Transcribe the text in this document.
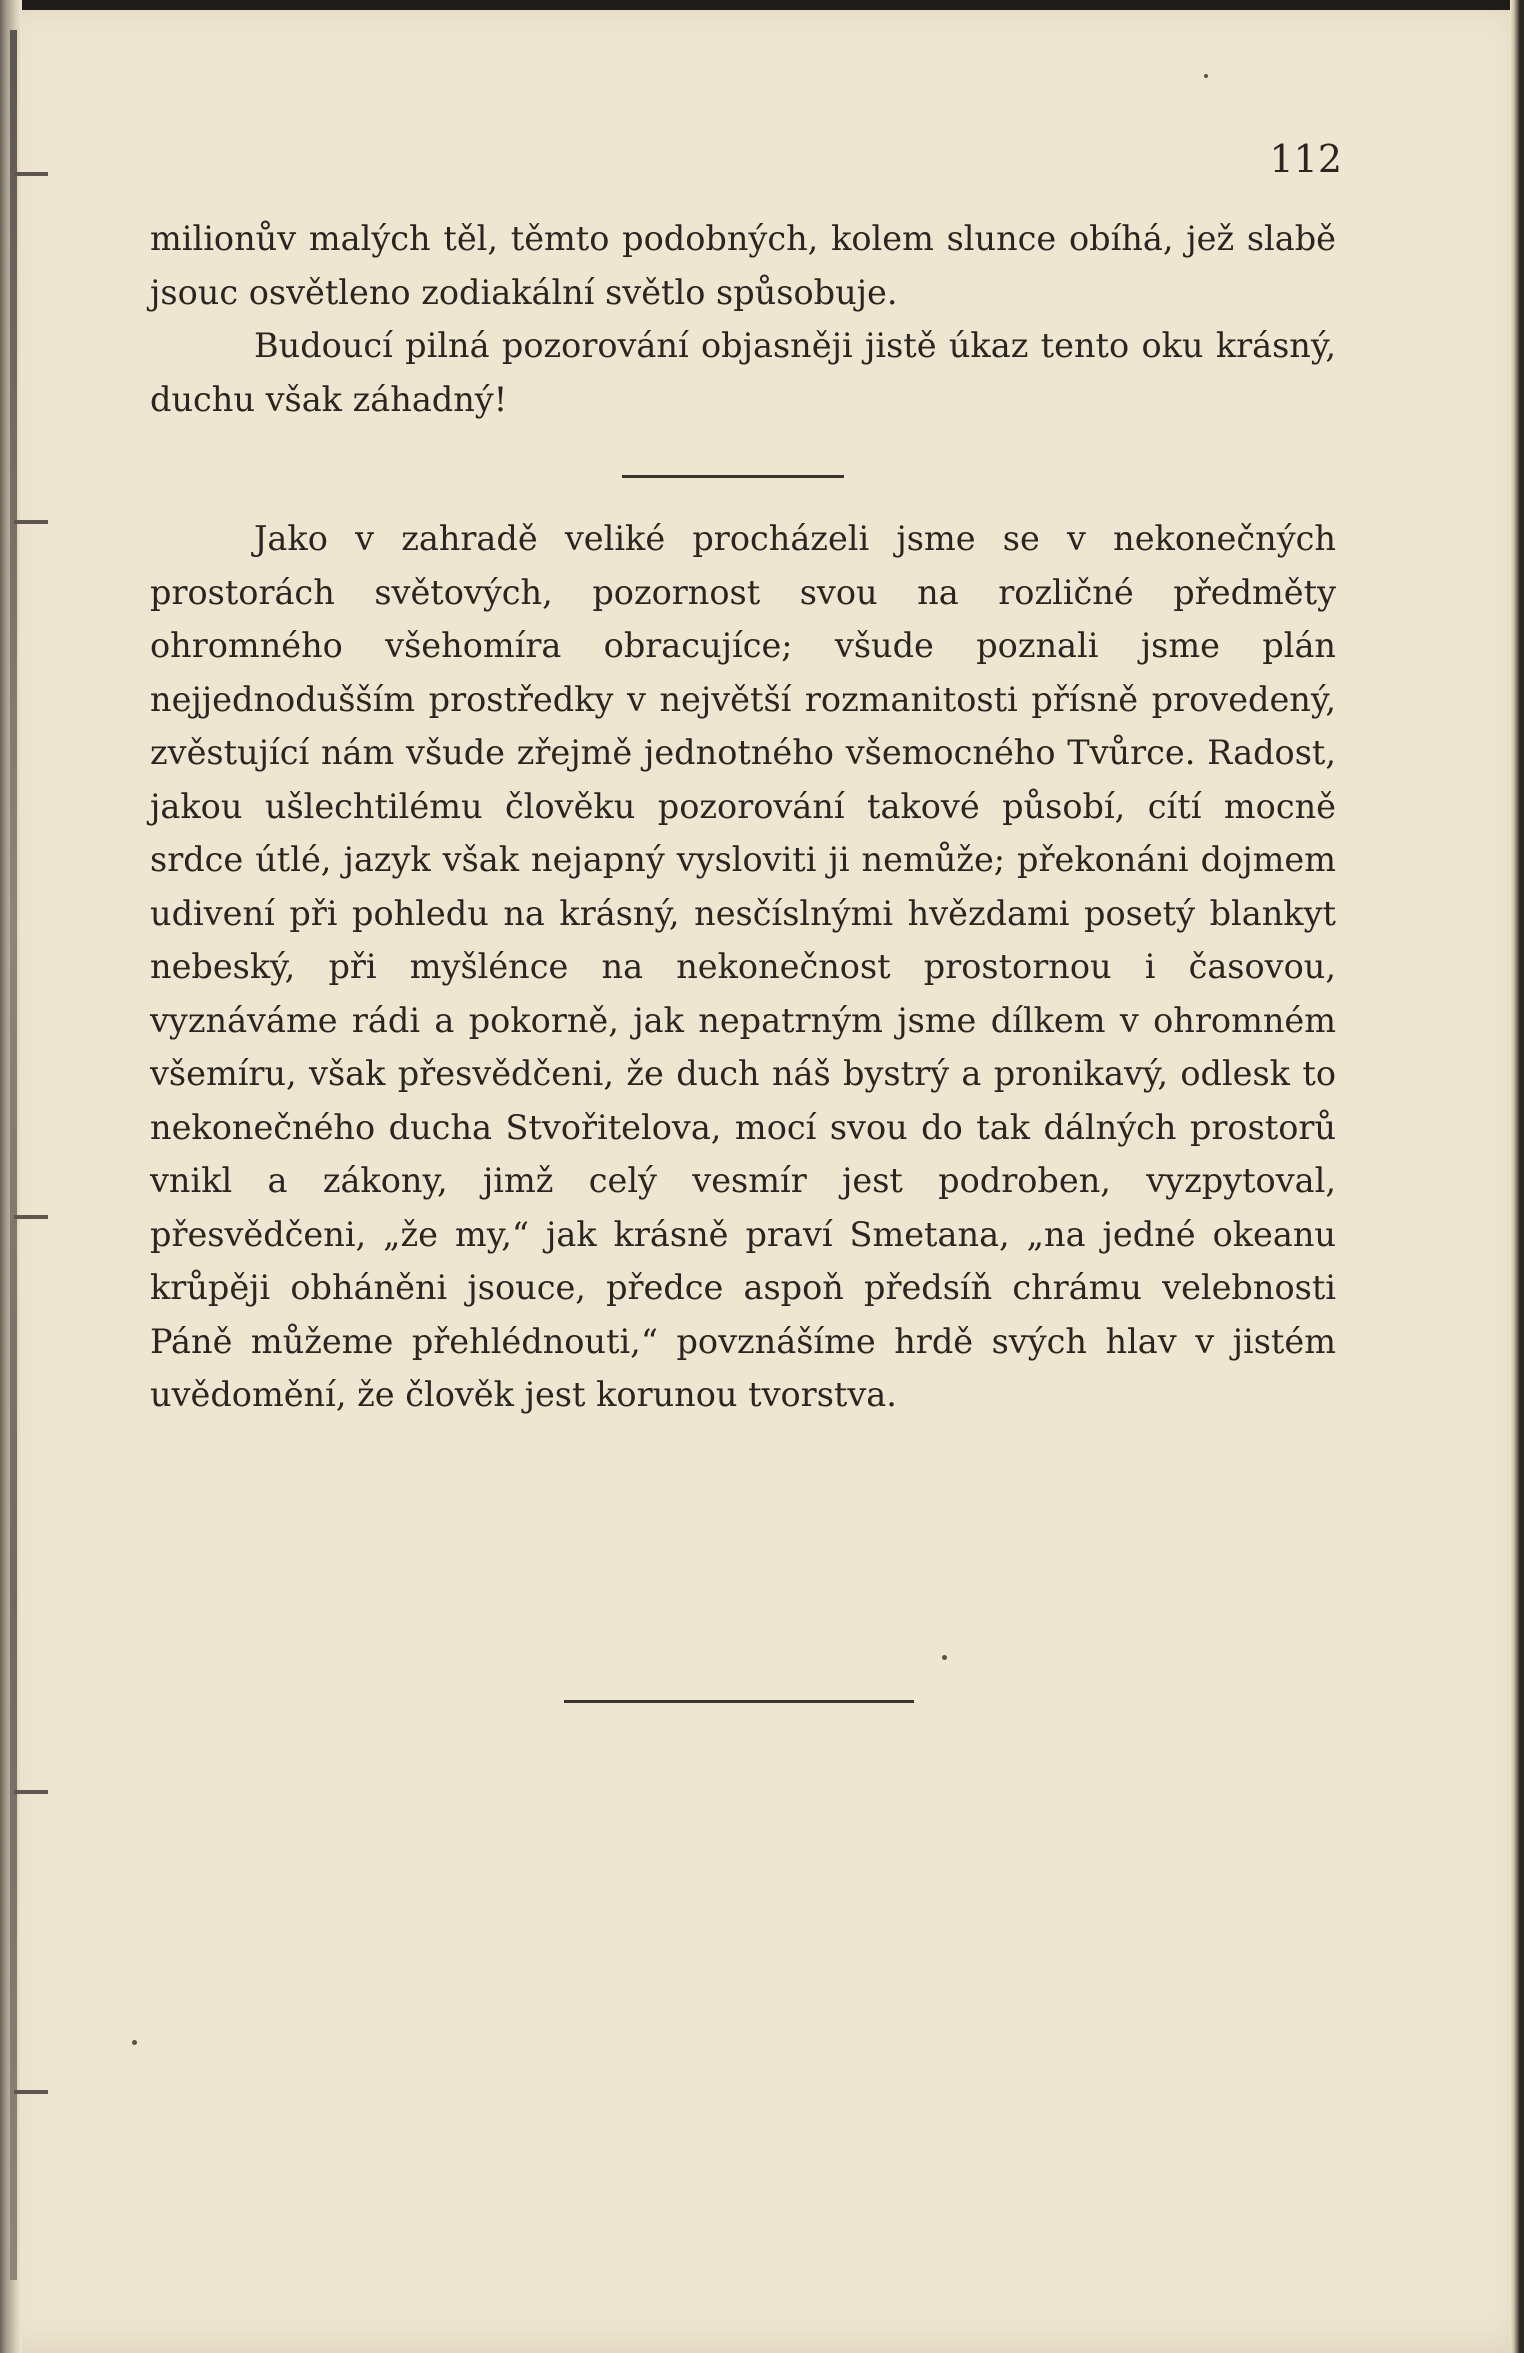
112

milionův malých těl, těmto podobných, kolem slunce obíhá, jež slabě jsouc osvětleno zodiakální světlo spůsobuje.
Budoucí pilná pozorování objasněji jistě úkaz tento oku krásný, duchu však záhadný!

Jako v zahradě veliké procházeli jsme se v nekonečných prostorách světových, pozornost svou na rozličné předměty ohromného všehomíra obracujíce; všude poznali jsme plán nejjednodušším prostředky v největší rozmanitosti přísně provedený, zvěstující nám všude zřejmě jednotného všemocného Tvůrce. Radost, jakou ušlechtilému člověku pozorování takové působí, cítí mocně srdce útlé, jazyk však nejapný vysloviti ji nemůže; překonáni dojmem udivení při pohledu na krásný, nesčíslnými hvězdami posetý blankyt nebeský, při myšlénce na nekonečnost prostornou i časovou, vyznáváme rádi a pokorně, jak nepatrným jsme dílkem v ohromném všemíru, však přesvědčeni, že duch náš bystrý a pronikavý, odlesk to nekonečného ducha Stvořitelova, mocí svou do tak dálných prostorů vnikl a zákony, jimž celý vesmír jest podroben, vyzpytoval, přesvědčeni, „že my,“ jak krásně praví Smetana, „na jedné okeanu krůpěji obháněni jsouce, předce aspoň předsíň chrámu velebnosti Páně můžeme přehlédnouti,“ povznášíme hrdě svých hlav v jistém uvědomění, že člověk jest korunou tvorstva.
